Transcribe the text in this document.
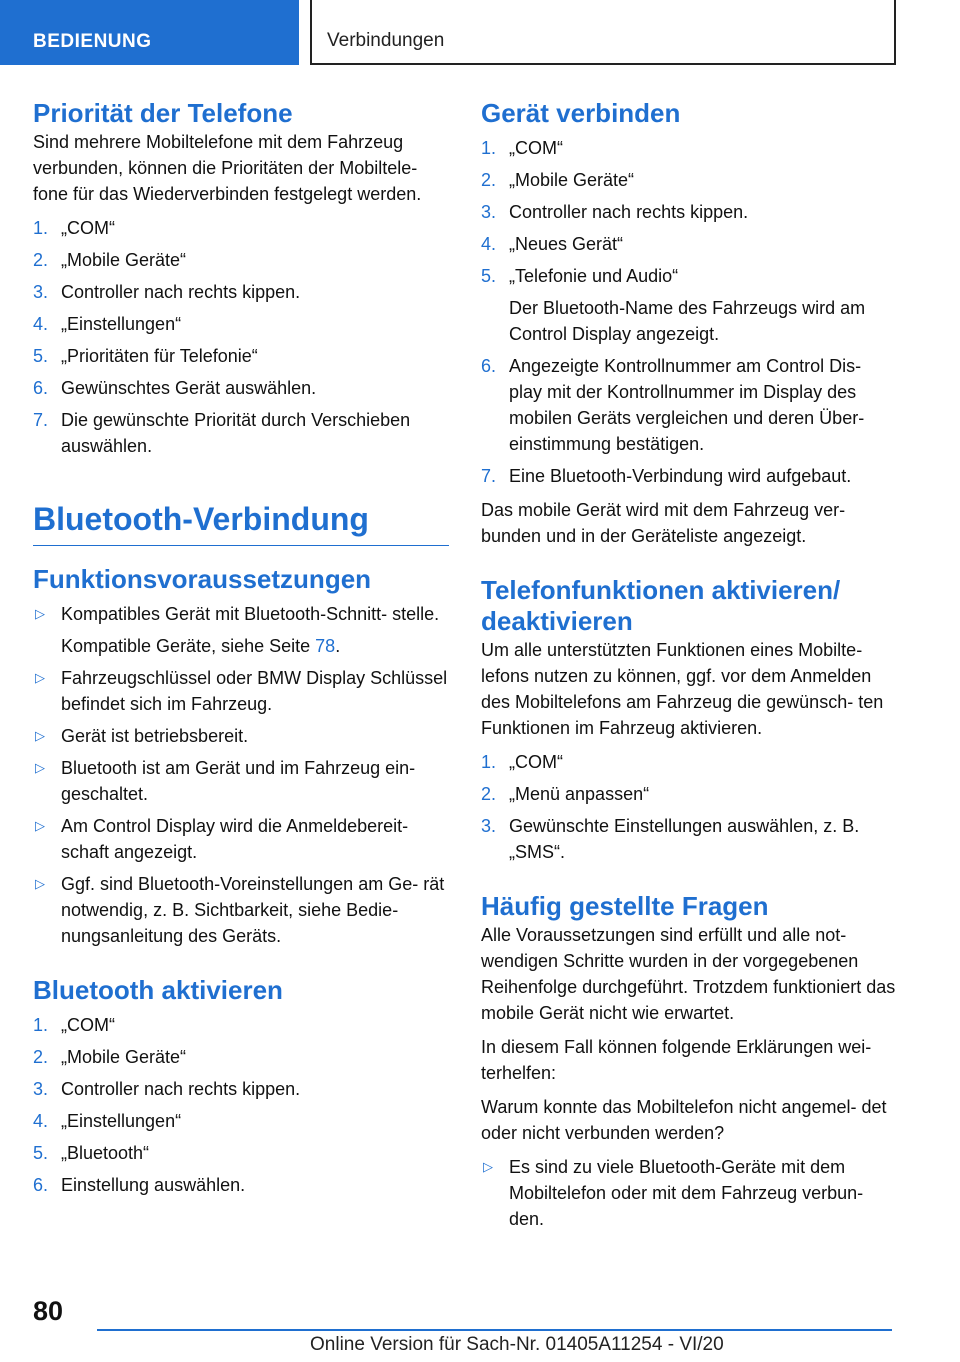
BEDIENUNG	Verbindungen
Priorität der Telefone

Sind mehrere Mobiltelefone mit dem Fahrzeug verbunden, können die Prioritäten der Mobiltele- fone für das Wiederverbinden festgelegt werden.

1. „COM“
2. „Mobile Geräte“
3. Controller nach rechts kippen.
4. „Einstellungen“
5. „Prioritäten für Telefonie“
6. Gewünschtes Gerät auswählen.
7. Die gewünschte Priorität durch Verschieben auswählen.
Bluetooth-Verbindung
Funktionsvoraussetzungen
▷ Kompatibles Gerät mit Bluetooth-Schnitt- stelle.
Kompatible Geräte, siehe Seite 78.
▷ Fahrzeugschlüssel oder BMW Display Schlüssel befindet sich im Fahrzeug.
▷ Gerät ist betriebsbereit.
▷ Bluetooth ist am Gerät und im Fahrzeug ein- geschaltet.
▷ Am Control Display wird die Anmeldebereit- schaft angezeigt.
▷ Ggf. sind Bluetooth-Voreinstellungen am Ge- rät notwendig, z. B. Sichtbarkeit, siehe Bedie- nungsanleitung des Geräts.
Bluetooth aktivieren
1. „COM“
2. „Mobile Geräte“
3. Controller nach rechts kippen.
4. „Einstellungen“
5. „Bluetooth“
6. Einstellung auswählen.
Gerät verbinden
1. „COM“
2. „Mobile Geräte“
3. Controller nach rechts kippen.
4. „Neues Gerät“
5. „Telefonie und Audio“
Der Bluetooth-Name des Fahrzeugs wird am Control Display angezeigt.
6. Angezeigte Kontrollnummer am Control Dis- play mit der Kontrollnummer im Display des mobilen Geräts vergleichen und deren Über- einstimmung bestätigen.
7. Eine Bluetooth-Verbindung wird aufgebaut.

Das mobile Gerät wird mit dem Fahrzeug ver- bunden und in der Geräteliste angezeigt.

Telefonfunktionen aktivieren/ deaktivieren

Um alle unterstützten Funktionen eines Mobilte- lefons nutzen zu können, ggf. vor dem Anmelden des Mobiltelefons am Fahrzeug die gewünsch- ten Funktionen im Fahrzeug aktivieren.

1. „COM“
2. „Menü anpassen“
3. Gewünschte Einstellungen auswählen, z. B. „SMS“.
Häufig gestellte Fragen

Alle Voraussetzungen sind erfüllt und alle not- wendigen Schritte wurden in der vorgegebenen Reihenfolge durchgeführt. Trotzdem funktioniert das mobile Gerät nicht wie erwartet.

In diesem Fall können folgende Erklärungen wei- terhelfen:

Warum konnte das Mobiltelefon nicht angemel- det oder nicht verbunden werden?

▷ Es sind zu viele Bluetooth-Geräte mit dem Mobiltelefon oder mit dem Fahrzeug verbun- den.
80
Online Version für Sach-Nr. 01405A11254 - VI/20
